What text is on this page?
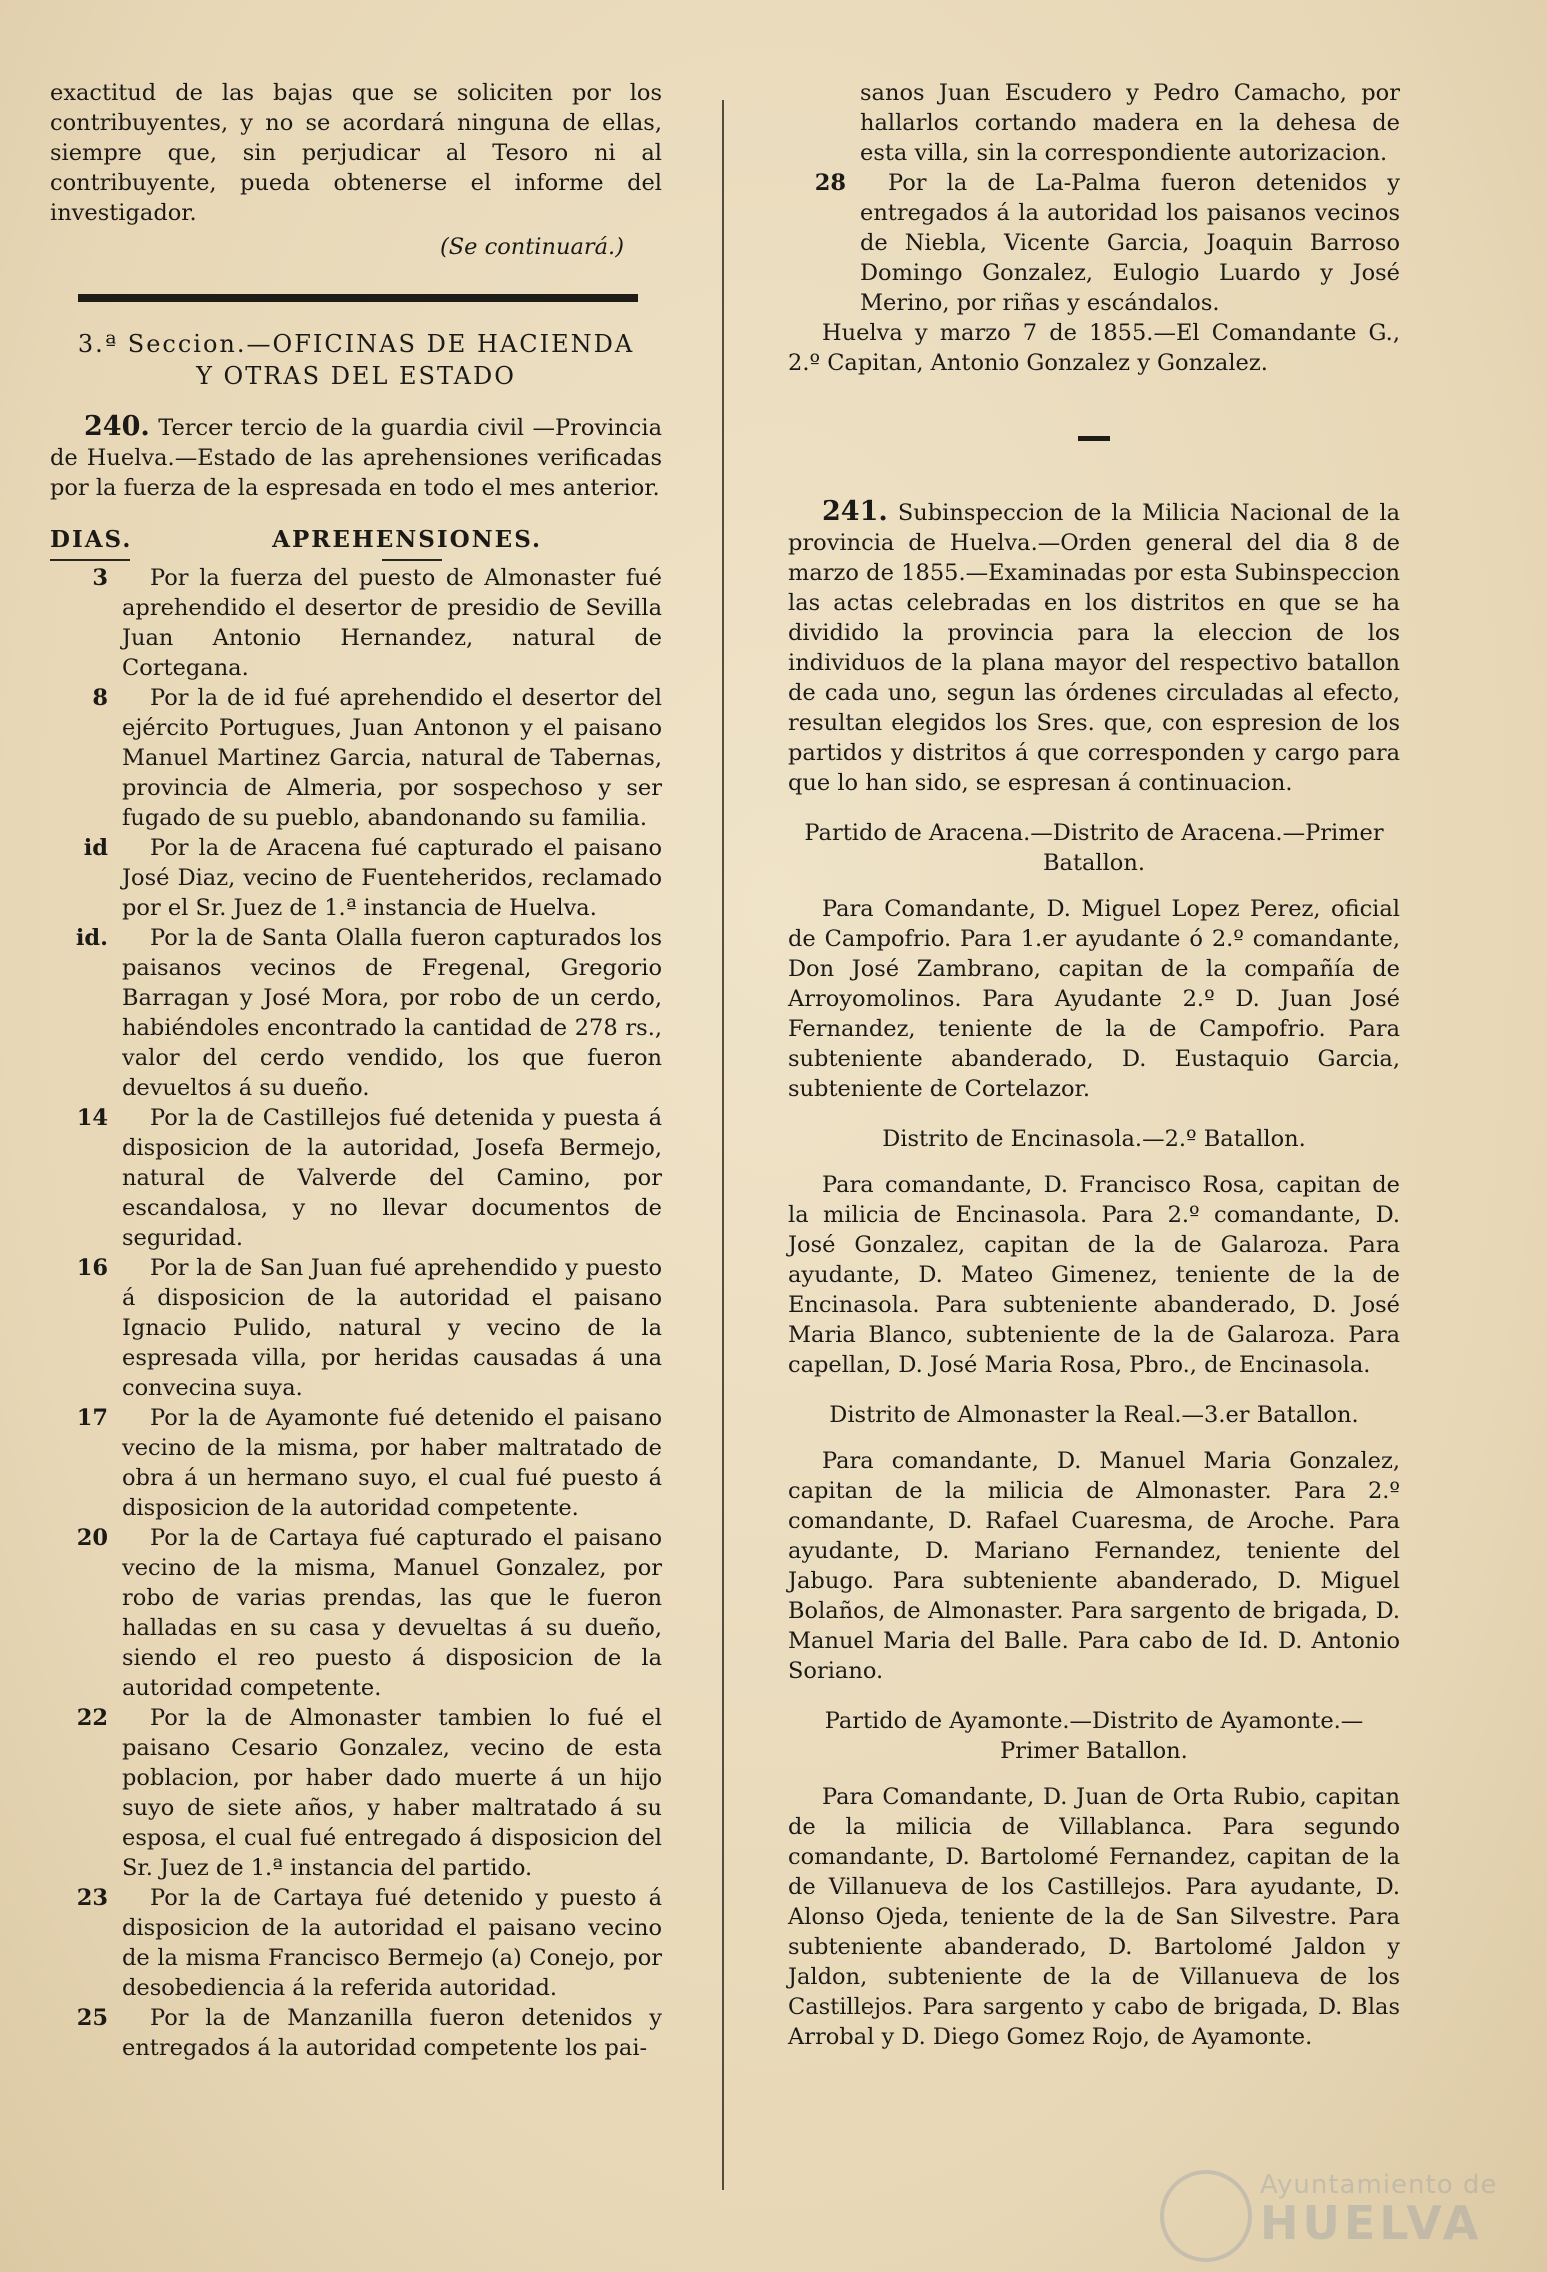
exactitud de las bajas que se soliciten por los contribuyentes, y no se acordará ninguna de ellas, siempre que, sin perjudicar al Tesoro ni al contribuyente, pueda obtenerse el informe del investigador.

(Se continuará.)

3.ª Seccion.—OFICINAS DE HACIENDA
Y OTRAS DEL ESTADO

240. Tercer tercio de la guardia civil —Provincia de Huelva.—Estado de las aprehensiones verificadas por la fuerza de la espresada en todo el mes anterior.

DIAS.	APREHENSIONES.
3	Por la fuerza del puesto de Almonaster fué aprehendido el desertor de presidio de Sevilla Juan Antonio Hernandez, natural de Cortegana.
8	Por la de id fué aprehendido el desertor del ejército Portugues, Juan Antonon y el paisano Manuel Martinez Garcia, natural de Tabernas, provincia de Almeria, por sospechoso y ser fugado de su pueblo, abandonando su familia.
id	Por la de Aracena fué capturado el paisano José Diaz, vecino de Fuenteheridos, reclamado por el Sr. Juez de 1.ª instancia de Huelva.
id.	Por la de Santa Olalla fueron capturados los paisanos vecinos de Fregenal, Gregorio Barragan y José Mora, por robo de un cerdo, habiéndoles encontrado la cantidad de 278 rs., valor del cerdo vendido, los que fueron devueltos á su dueño.
14	Por la de Castillejos fué detenida y puesta á disposicion de la autoridad, Josefa Bermejo, natural de Valverde del Camino, por escandalosa, y no llevar documentos de seguridad.
16	Por la de San Juan fué aprehendido y puesto á disposicion de la autoridad el paisano Ignacio Pulido, natural y vecino de la espresada villa, por heridas causadas á una convecina suya.
17	Por la de Ayamonte fué detenido el paisano vecino de la misma, por haber maltratado de obra á un hermano suyo, el cual fué puesto á disposicion de la autoridad competente.
20	Por la de Cartaya fué capturado el paisano vecino de la misma, Manuel Gonzalez, por robo de varias prendas, las que le fueron halladas en su casa y devueltas á su dueño, siendo el reo puesto á disposicion de la autoridad competente.
22	Por la de Almonaster tambien lo fué el paisano Cesario Gonzalez, vecino de esta poblacion, por haber dado muerte á un hijo suyo de siete años, y haber maltratado á su esposa, el cual fué entregado á disposicion del Sr. Juez de 1.ª instancia del partido.
23	Por la de Cartaya fué detenido y puesto á disposicion de la autoridad el paisano vecino de la misma Francisco Bermejo (a) Conejo, por desobediencia á la referida autoridad.
25	Por la de Manzanilla fueron detenidos y entregados á la autoridad competente los pai-
sanos Juan Escudero y Pedro Camacho, por hallarlos cortando madera en la dehesa de esta villa, sin la correspondiente autorizacion.
28	Por la de La-Palma fueron detenidos y entregados á la autoridad los paisanos vecinos de Niebla, Vicente Garcia, Joaquin Barroso Domingo Gonzalez, Eulogio Luardo y José Merino, por riñas y escándalos.

Huelva y marzo 7 de 1855.—El Comandante G., 2.º Capitan, Antonio Gonzalez y Gonzalez.

241. Subinspeccion de la Milicia Nacional de la provincia de Huelva.—Orden general del dia 8 de marzo de 1855.—Examinadas por esta Subinspeccion las actas celebradas en los distritos en que se ha dividido la provincia para la eleccion de los individuos de la plana mayor del respectivo batallon de cada uno, segun las órdenes circuladas al efecto, resultan elegidos los Sres. que, con espresion de los partidos y distritos á que corresponden y cargo para que lo han sido, se espresan á continuacion.

Partido de Aracena.—Distrito de Aracena.—Primer Batallon.

Para Comandante, D. Miguel Lopez Perez, oficial de Campofrio. Para 1.er ayudante ó 2.º comandante, Don José Zambrano, capitan de la compañía de Arroyomolinos. Para Ayudante 2.º D. Juan José Fernandez, teniente de la de Campofrio. Para subteniente abanderado, D. Eustaquio Garcia, subteniente de Cortelazor.

Distrito de Encinasola.—2.º Batallon.

Para comandante, D. Francisco Rosa, capitan de la milicia de Encinasola. Para 2.º comandante, D. José Gonzalez, capitan de la de Galaroza. Para ayudante, D. Mateo Gimenez, teniente de la de Encinasola. Para subteniente abanderado, D. José Maria Blanco, subteniente de la de Galaroza. Para capellan, D. José Maria Rosa, Pbro., de Encinasola.

Distrito de Almonaster la Real.—3.er Batallon.

Para comandante, D. Manuel Maria Gonzalez, capitan de la milicia de Almonaster. Para 2.º comandante, D. Rafael Cuaresma, de Aroche. Para ayudante, D. Mariano Fernandez, teniente del Jabugo. Para subteniente abanderado, D. Miguel Bolaños, de Almonaster. Para sargento de brigada, D. Manuel Maria del Balle. Para cabo de Id. D. Antonio Soriano.

Partido de Ayamonte.—Distrito de Ayamonte.—Primer Batallon.

Para Comandante, D. Juan de Orta Rubio, capitan de la milicia de Villablanca. Para segundo comandante, D. Bartolomé Fernandez, capitan de la de Villanueva de los Castillejos. Para ayudante, D. Alonso Ojeda, teniente de la de San Silvestre. Para subteniente abanderado, D. Bartolomé Jaldon y Jaldon, subteniente de la de Villanueva de los Castillejos. Para sargento y cabo de brigada, D. Blas Arrobal y D. Diego Gomez Rojo, de Ayamonte.

Ayuntamiento de
HUELVA
